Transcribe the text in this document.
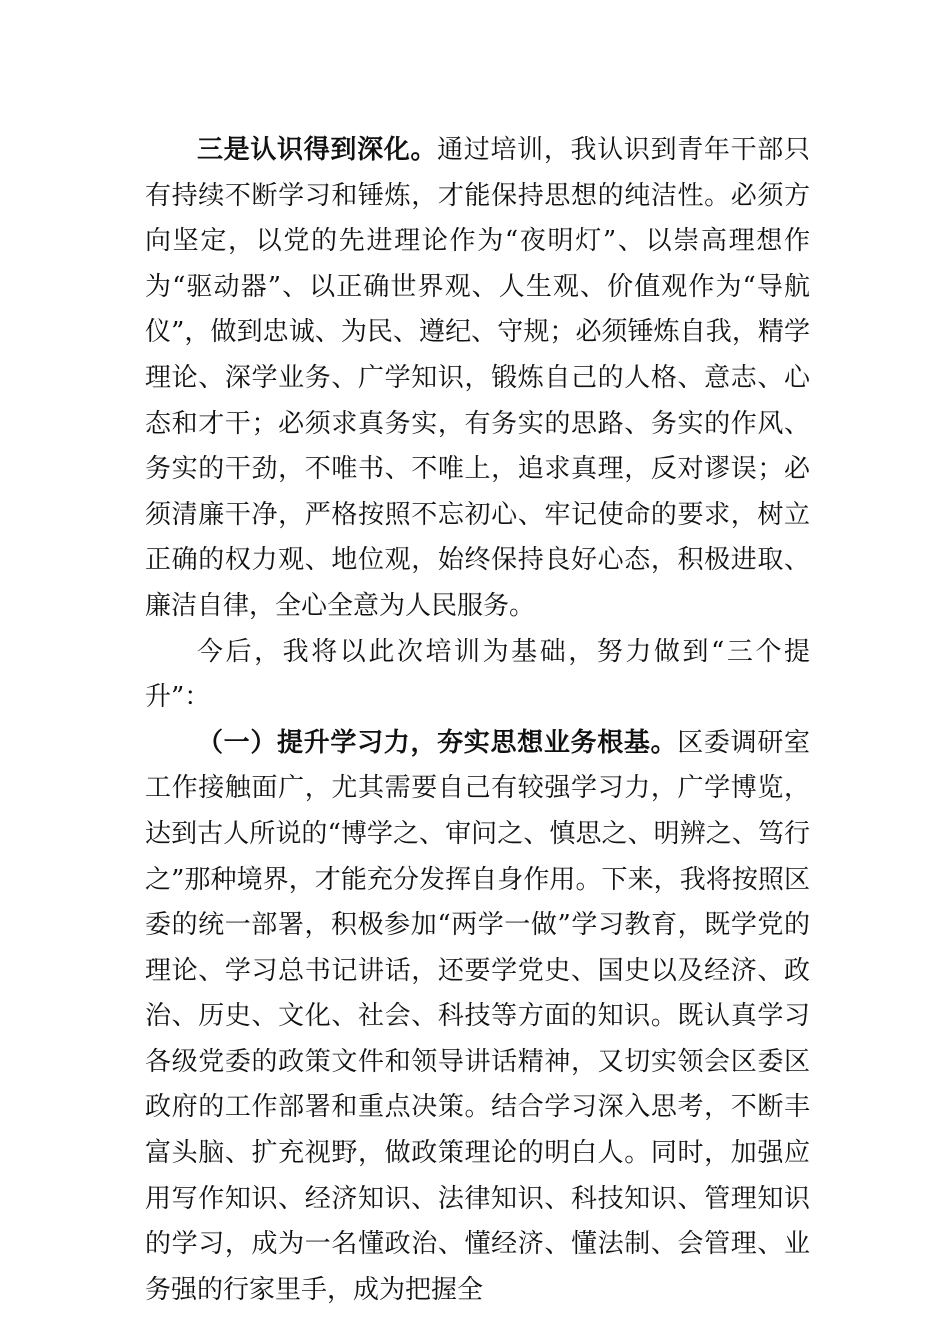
三是认识得到深化。通过培训，我认识到青年干部只有持续不断学习和锤炼，才能保持思想的纯洁性。必须方向坚定，以党的先进理论作为“夜明灯”、以崇高理想作为“驱动器”、以正确世界观、人生观、价值观作为“导航仪”，做到忠诚、为民、遵纪、守规；必须锤炼自我，精学理论、深学业务、广学知识，锻炼自己的人格、意志、心态和才干；必须求真务实，有务实的思路、务实的作风、务实的干劲，不唯书、不唯上，追求真理，反对谬误；必须清廉干净，严格按照不忘初心、牢记使命的要求，树立正确的权力观、地位观，始终保持良好心态，积极进取、廉洁自律，全心全意为人民服务。

今后，我将以此次培训为基础，努力做到“三个提升”：

（一）提升学习力，夯实思想业务根基。区委调研室工作接触面广，尤其需要自己有较强学习力，广学博览，达到古人所说的“博学之、审问之、慎思之、明辨之、笃行之”那种境界，才能充分发挥自身作用。下来，我将按照区委的统一部署，积极参加“两学一做”学习教育，既学党的理论、学习总书记讲话，还要学党史、国史以及经济、政治、历史、文化、社会、科技等方面的知识。既认真学习各级党委的政策文件和领导讲话精神，又切实领会区委区政府的工作部署和重点决策。结合学习深入思考，不断丰富头脑、扩充视野，做政策理论的明白人。同时，加强应用写作知识、经济知识、法律知识、科技知识、管理知识的学习，成为一名懂政治、懂经济、懂法制、会管理、业务强的行家里手，成为把握全
